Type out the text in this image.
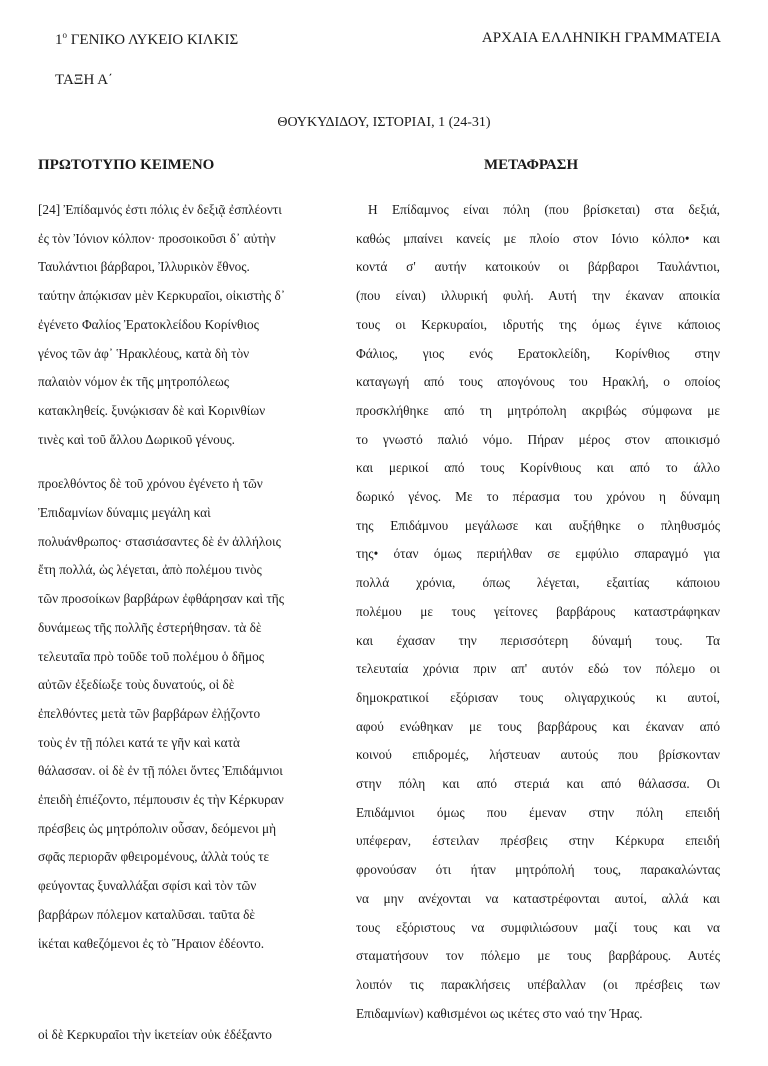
$1^o$ ΓΕΝΙΚΟ ΛΥΚΕΙΟ ΚΙΛΚΙΣ	ΑΡΧΑΙΑ ΕΛΛΗΝΙΚΗ ΓΡΑΜΜΑΤΕΙΑ
ΤΑΞΗ Α΄
ΘΟΥΚΥΔΙΔΟΥ, ΙΣΤΟΡΙΑΙ, 1 (24-31)
ΠΡΩΤΟΤΥΠΟ ΚΕΙΜΕΝΟ	ΜΕΤΑΦΡΑΣΗ

[24] Ἐπίδαμνός ἐστι πόλις ἐν δεξιᾷ ἐσπλέοντι

ἐς τὸν Ἰόνιον κόλπον· προσοικοῦσι δ᾽ αὐτὴν

Ταυλάντιοι βάρβαροι, Ἰλλυρικὸν ἔθνος.

ταύτην ἀπῴκισαν μὲν Κερκυραῖοι, οἰκιστὴς δ᾽

ἐγένετο Φαλίος Ἐρατοκλείδου Κορίνθιος

γένος τῶν ἀφ᾽ Ἡρακλέους, κατὰ δὴ τὸν

παλαιὸν νόμον ἐκ τῆς μητροπόλεως

κατακληθείς. ξυνῴκισαν δὲ καὶ Κορινθίων

τινὲς καὶ τοῦ ἄλλου Δωρικοῦ γένους.

προελθόντος δὲ τοῦ χρόνου ἐγένετο ἡ τῶν

Ἐπιδαμνίων δύναμις μεγάλη καὶ

πολυάνθρωπος· στασιάσαντες δὲ ἐν ἀλλήλοις

ἔτη πολλά, ὡς λέγεται, ἀπὸ πολέμου τινὸς

τῶν προσοίκων βαρβάρων ἐφθάρησαν καὶ τῆς

δυνάμεως τῆς πολλῆς ἐστερήθησαν. τὰ δὲ

τελευταῖα πρὸ τοῦδε τοῦ πολέμου ὁ δῆμος

αὐτῶν ἐξεδίωξε τοὺς δυνατούς, οἱ δὲ

ἐπελθόντες μετὰ τῶν βαρβάρων ἐλῄζοντο

τοὺς ἐν τῇ πόλει κατά τε γῆν καὶ κατὰ

θάλασσαν. οἱ δὲ ἐν τῇ πόλει ὄντες Ἐπιδάμνιοι

ἐπειδὴ ἐπιέζοντο, πέμπουσιν ἐς τὴν Κέρκυραν

πρέσβεις ὡς μητρόπολιν οὖσαν, δεόμενοι μὴ

σφᾶς περιορᾶν φθειρομένους, ἀλλὰ τούς τε

φεύγοντας ξυναλλάξαι σφίσι καὶ τὸν τῶν

βαρβάρων πόλεμον καταλῦσαι. ταῦτα δὲ

ἱκέται καθεζόμενοι ἐς τὸ Ἥραιον ἐδέοντο.

οἱ δὲ Κερκυραῖοι τὴν ἱκετείαν οὐκ ἐδέξαντο

Η Επίδαμνος είναι πόλη (που βρίσκεται) στα δεξιά,

καθώς μπαίνει κανείς με πλοίο στον Ιόνιο κόλπο• και

κοντά σ' αυτήν κατοικούν οι βάρβαροι Ταυλάντιοι,

(που είναι) ιλλυρική φυλή. Αυτή την έκαναν αποικία

τους οι Κερκυραίοι, ιδρυτής της όμως έγινε κάποιος

Φάλιος, γιος ενός Ερατοκλείδη, Κορίνθιος στην

καταγωγή από τους απογόνους του Ηρακλή, ο οποίος

προσκλήθηκε από τη μητρόπολη ακριβώς σύμφωνα με

το γνωστό παλιό νόμο. Πήραν μέρος στον αποικισμό

και μερικοί από τους Κορίνθιους και από το άλλο

δωρικό γένος. Με το πέρασμα του χρόνου η δύναμη

της Επιδάμνου μεγάλωσε και αυξήθηκε ο πληθυσμός

της• όταν όμως περιήλθαν σε εμφύλιο σπαραγμό για

πολλά χρόνια, όπως λέγεται, εξαιτίας κάποιου

πολέμου με τους γείτονες βαρβάρους καταστράφηκαν

και έχασαν την περισσότερη δύναμή τους. Τα

τελευταία χρόνια πριν απ' αυτόν εδώ τον πόλεμο οι

δημοκρατικοί εξόρισαν τους ολιγαρχικούς κι αυτοί,

αφού ενώθηκαν με τους βαρβάρους και έκαναν από

κοινού επιδρομές, λήστευαν αυτούς που βρίσκονταν

στην πόλη και από στεριά και από θάλασσα. Οι

Επιδάμνιοι όμως που έμεναν στην πόλη επειδή

υπέφεραν, έστειλαν πρέσβεις στην Κέρκυρα επειδή

φρονούσαν ότι ήταν μητρόπολή τους, παρακαλώντας

να μην ανέχονται να καταστρέφονται αυτοί, αλλά και

τους εξόριστους να συμφιλιώσουν μαζί τους και να

σταματήσουν τον πόλεμο με τους βαρβάρους. Αυτές

λοιπόν τις παρακλήσεις υπέβαλλαν (οι πρέσβεις των

Επιδαμνίων) καθισμένοι ως ικέτες στο ναό την Ήρας.
